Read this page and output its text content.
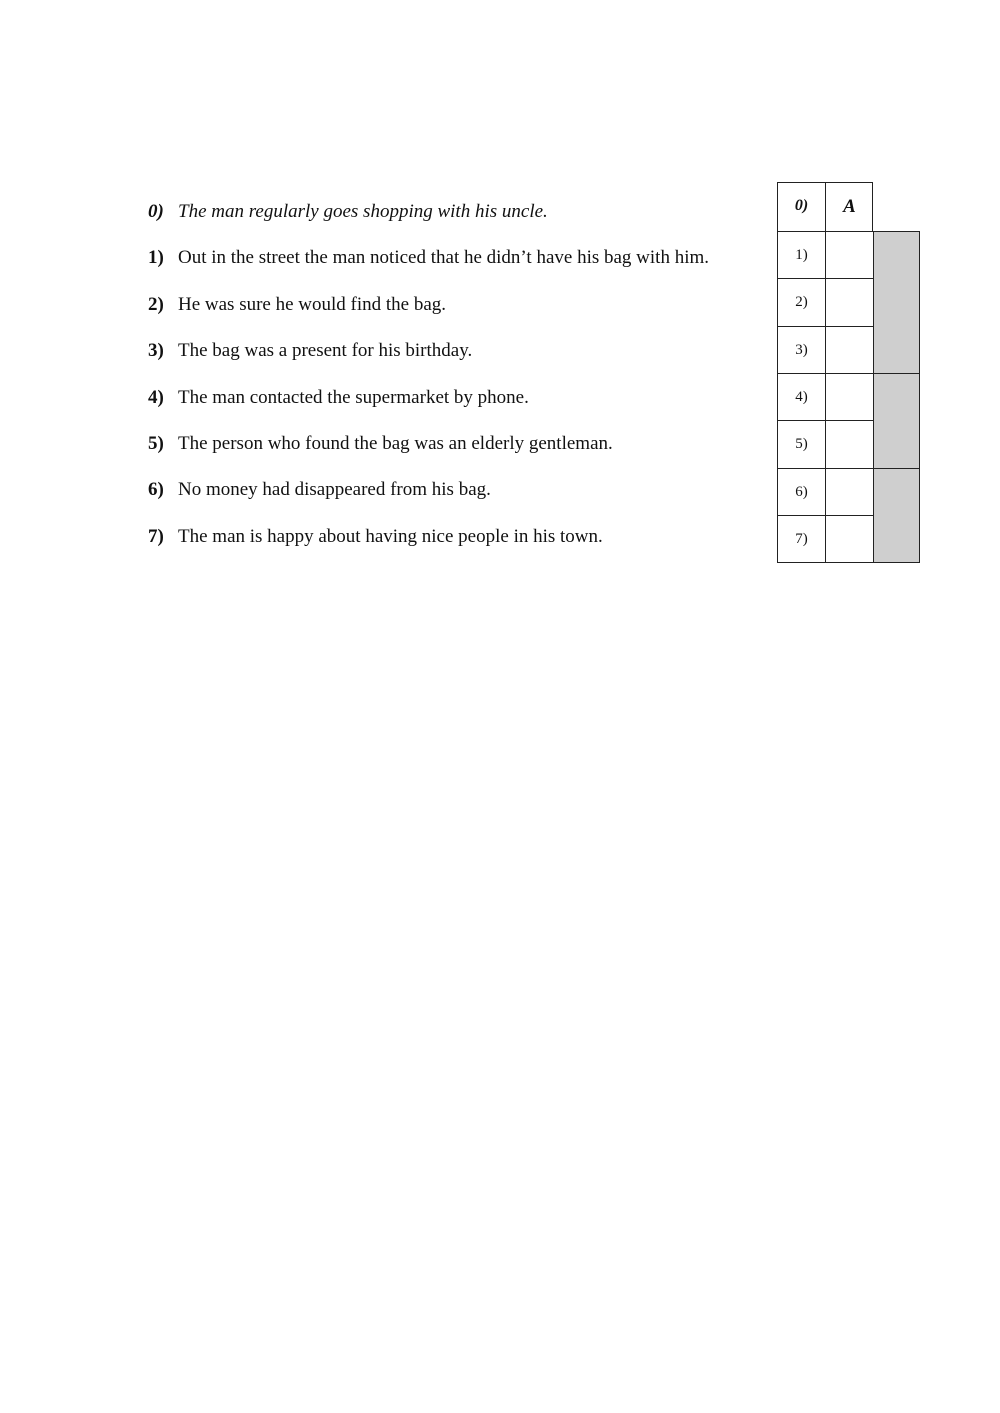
0) The man regularly goes shopping with his uncle.
1) Out in the street the man noticed that he didn’t have his bag with him.
2) He was sure he would find the bag.
3) The bag was a present for his birthday.
4) The man contacted the supermarket by phone.
5) The person who found the bag was an elderly gentleman.
6) No money had disappeared from his bag.
7) The man is happy about having nice people in his town.
0)	A
1)
2)
3)
4)
5)
6)
7)
